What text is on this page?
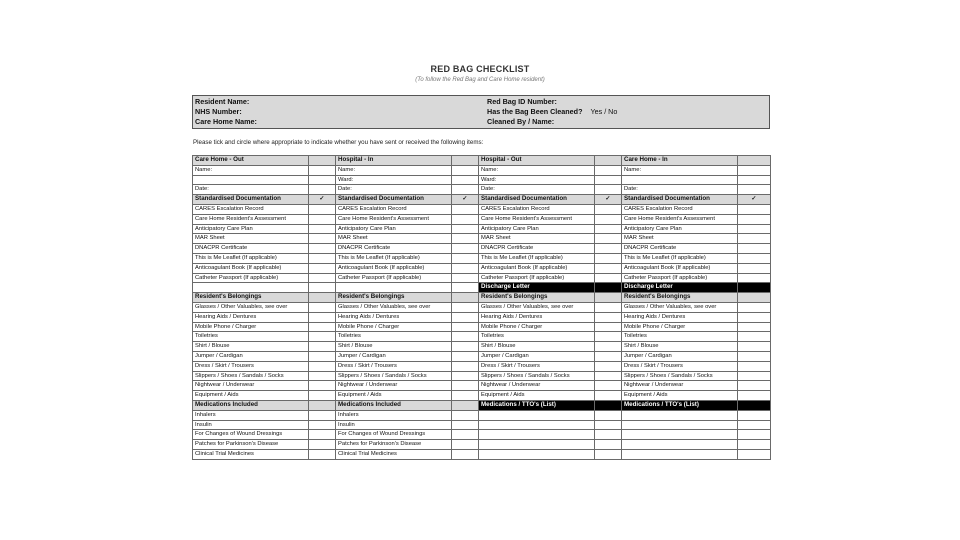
RED BAG CHECKLIST
(To follow the Red Bag and Care Home resident)
Resident Name:
NHS Number:
Care Home Name:
Red Bag ID Number:
Has the Bag Been Cleaned? Yes / No
Cleaned By / Name:
Please tick and circle where appropriate to indicate whether you have sent or received the following items:
Care Home - Out		Hospital - In		Hospital - Out		Care Home - In	
Name:		Name:		Name:		Name:	
		Ward:		Ward:			
Date:		Date:		Date:		Date:	
Standardised Documentation	✓	Standardised Documentation	✓	Standardised Documentation	✓	Standardised Documentation	✓
CARES Escalation Record		CARES Escalation Record		CARES Escalation Record		CARES Escalation Record	
Care Home Resident's Assessment		Care Home Resident's Assessment		Care Home Resident's Assessment		Care Home Resident's Assessment	
Anticipatory Care Plan		Anticipatory Care Plan		Anticipatory Care Plan		Anticipatory Care Plan	
MAR Sheet		MAR Sheet		MAR Sheet		MAR Sheet	
DNACPR Certificate		DNACPR Certificate		DNACPR Certificate		DNACPR Certificate	
This is Me Leaflet (If applicable)		This is Me Leaflet (If applicable)		This is Me Leaflet (If applicable)		This is Me Leaflet (If applicable)	
Anticoagulant Book (If applicable)		Anticoagulant Book (If applicable)		Anticoagulant Book (If applicable)		Anticoagulant Book (If applicable)	
Catheter Passport (If applicable)		Catheter Passport (If applicable)		Catheter Passport (If applicable)		Catheter Passport (If applicable)	
				Discharge Letter		Discharge Letter	
Resident's Belongings		Resident's Belongings		Resident's Belongings		Resident's Belongings	
Glasses / Other Valuables, see over		Glasses / Other Valuables, see over		Glasses / Other Valuables, see over		Glasses / Other Valuables, see over	
Hearing Aids / Dentures		Hearing Aids / Dentures		Hearing Aids / Dentures		Hearing Aids / Dentures	
Mobile Phone / Charger		Mobile Phone / Charger		Mobile Phone / Charger		Mobile Phone / Charger	
Toiletries		Toiletries		Toiletries		Toiletries	
Shirt / Blouse		Shirt / Blouse		Shirt / Blouse		Shirt / Blouse	
Jumper / Cardigan		Jumper / Cardigan		Jumper / Cardigan		Jumper / Cardigan	
Dress / Skirt / Trousers		Dress / Skirt / Trousers		Dress / Skirt / Trousers		Dress / Skirt / Trousers	
Slippers / Shoes / Sandals / Socks		Slippers / Shoes / Sandals / Socks		Slippers / Shoes / Sandals / Socks		Slippers / Shoes / Sandals / Socks	
Nightwear / Underwear		Nightwear / Underwear		Nightwear / Underwear		Nightwear / Underwear	
Equipment / Aids		Equipment / Aids		Equipment / Aids		Equipment / Aids	
Medications Included		Medications Included		Medications / TTO's (List)		Medications / TTO's (List)	
Inhalers		Inhalers					
Insulin		Insulin					
For Changes of Wound Dressings		For Changes of Wound Dressings					
Patches for Parkinson's Disease		Patches for Parkinson's Disease					
Clinical Trial Medicines		Clinical Trial Medicines					
